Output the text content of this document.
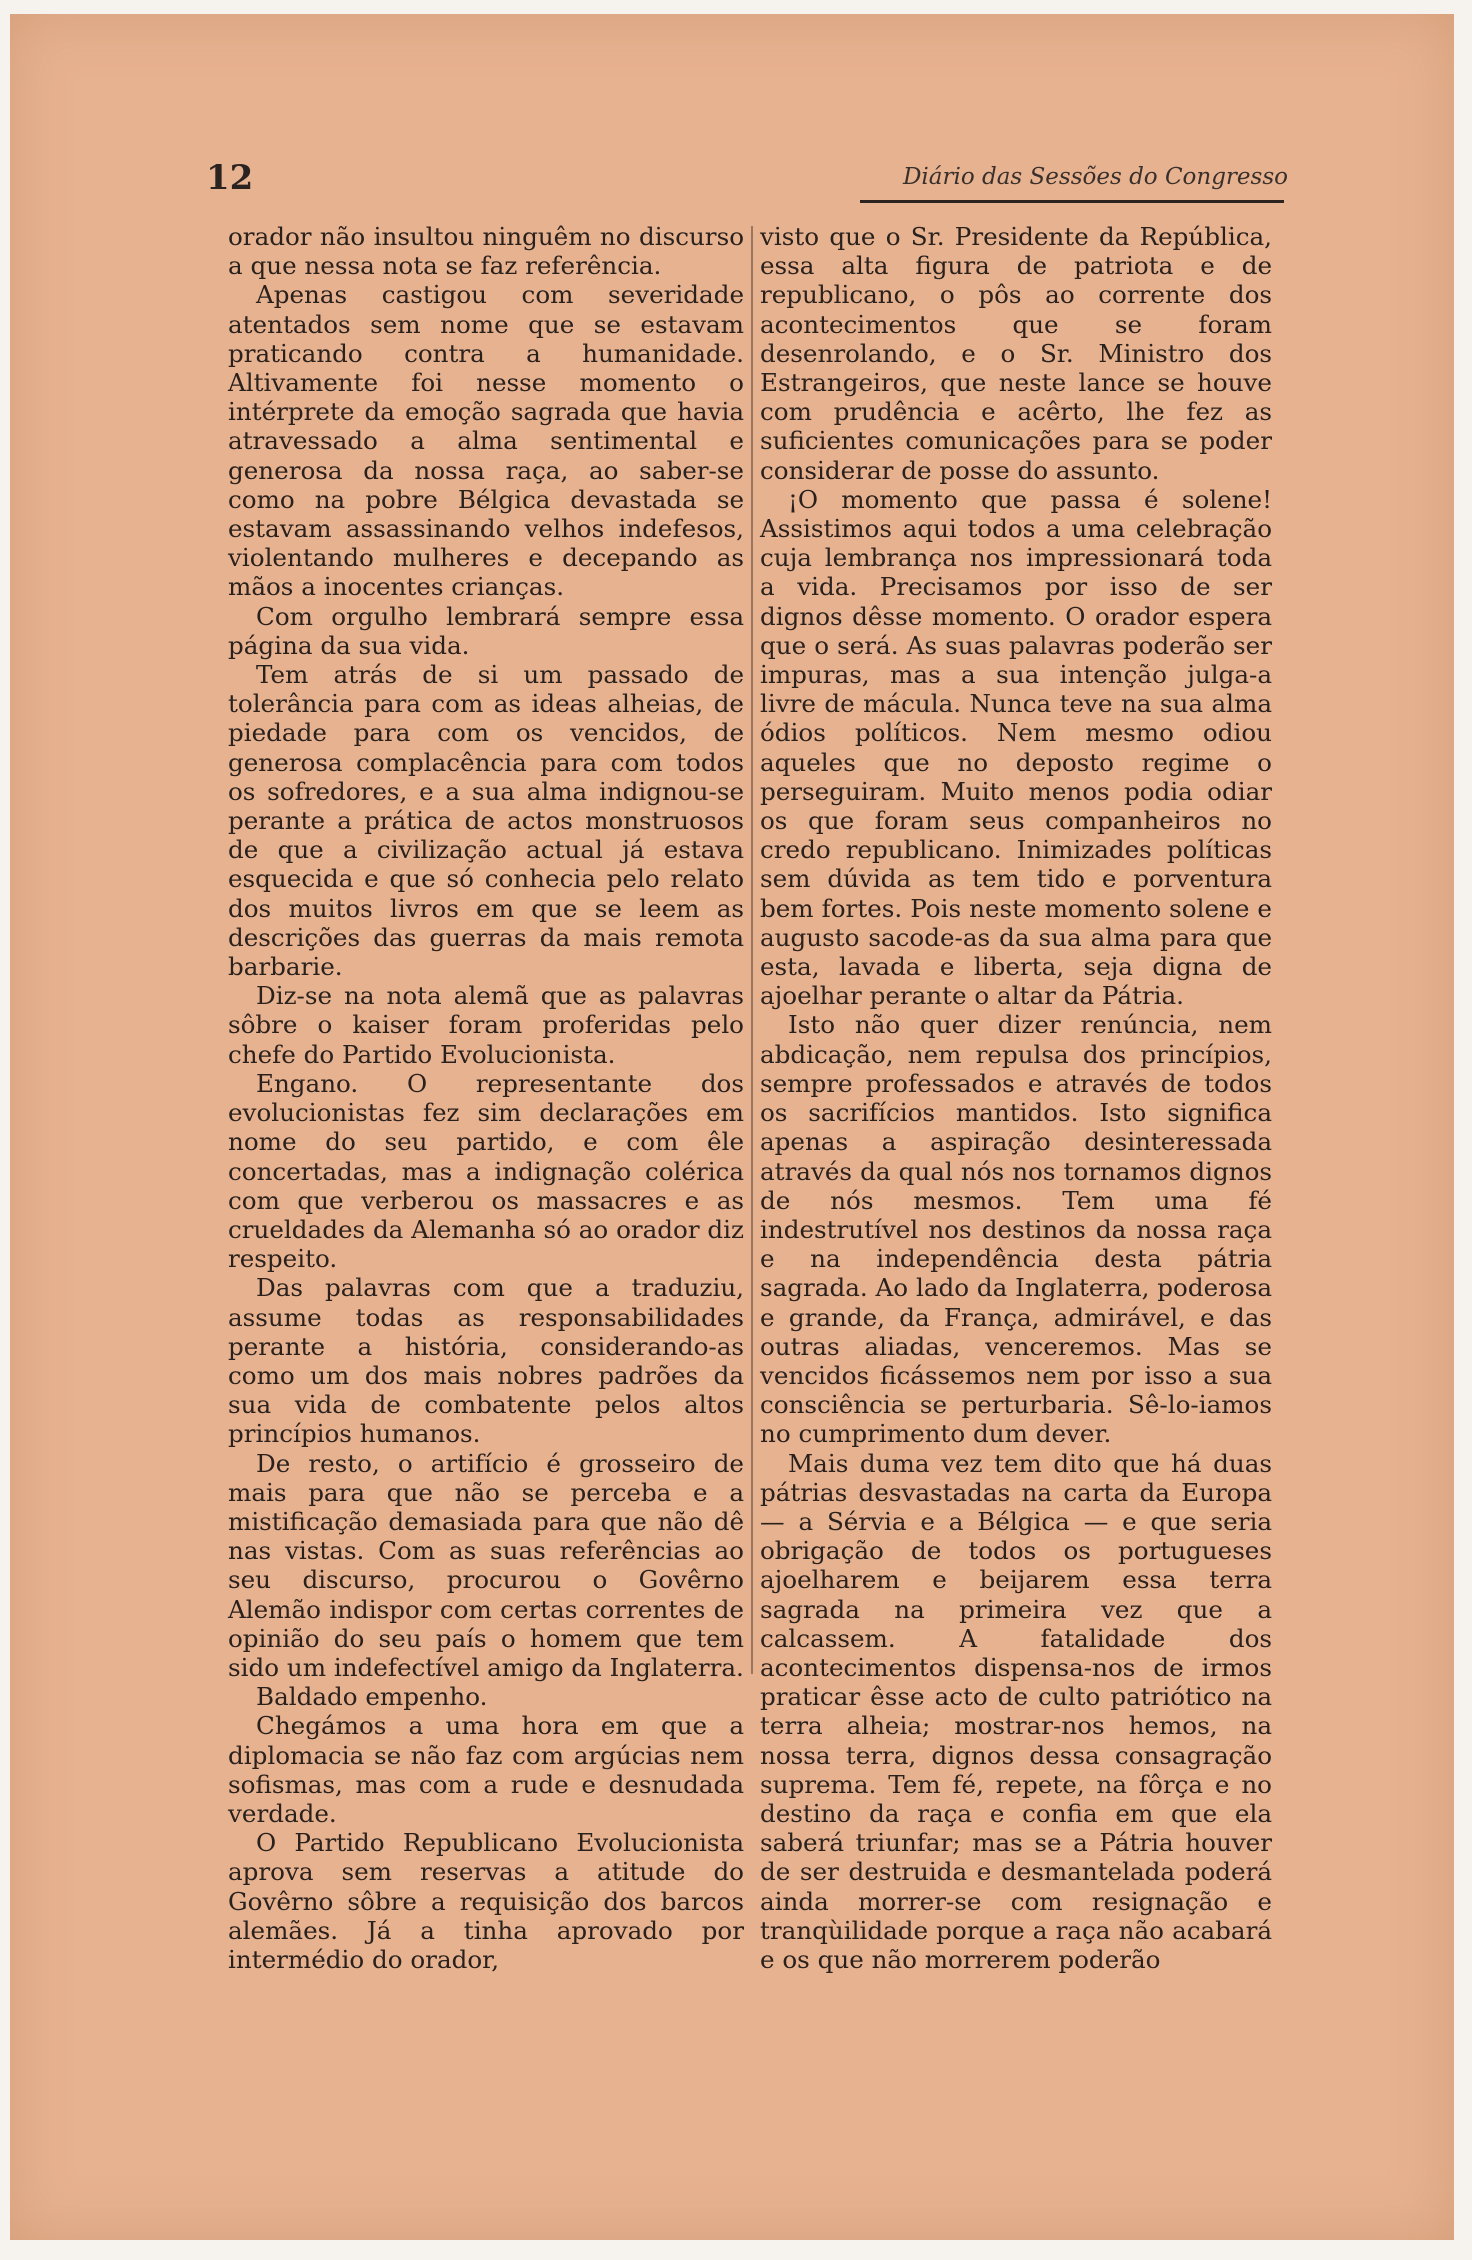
12	Diário das Sessões do Congresso

orador não insultou ninguêm no discurso a que nessa nota se faz referência.

Apenas castigou com severidade atentados sem nome que se estavam praticando contra a humanidade. Altivamente foi nesse momento o intérprete da emoção sagrada que havia atravessado a alma sentimental e generosa da nossa raça, ao saber-se como na pobre Bélgica devastada se estavam assassinando velhos indefesos, violentando mulheres e decepando as mãos a inocentes crianças.

Com orgulho lembrará sempre essa página da sua vida.

Tem atrás de si um passado de tolerância para com as ideas alheias, de piedade para com os vencidos, de generosa complacência para com todos os sofredores, e a sua alma indignou-se perante a prática de actos monstruosos de que a civilização actual já estava esquecida e que só conhecia pelo relato dos muitos livros em que se leem as descrições das guerras da mais remota barbarie.

Diz-se na nota alemã que as palavras sôbre o kaiser foram proferidas pelo chefe do Partido Evolucionista.

Engano. O representante dos evolucionistas fez sim declarações em nome do seu partido, e com êle concertadas, mas a indignação colérica com que verberou os massacres e as crueldades da Alemanha só ao orador diz respeito.

Das palavras com que a traduziu, assume todas as responsabilidades perante a história, considerando-as como um dos mais nobres padrões da sua vida de combatente pelos altos princípios humanos.

De resto, o artifício é grosseiro de mais para que não se perceba e a mistificação demasiada para que não dê nas vistas. Com as suas referências ao seu discurso, procurou o Govêrno Alemão indispor com certas correntes de opinião do seu país o homem que tem sido um indefectível amigo da Inglaterra.

Baldado empenho.

Chegámos a uma hora em que a diplomacia se não faz com argúcias nem sofismas, mas com a rude e desnudada verdade.

O Partido Republicano Evolucionista aprova sem reservas a atitude do Govêrno sôbre a requisição dos barcos alemães. Já a tinha aprovado por intermédio do orador,

visto que o Sr. Presidente da República, essa alta figura de patriota e de republicano, o pôs ao corrente dos acontecimentos que se foram desenrolando, e o Sr. Ministro dos Estrangeiros, que neste lance se houve com prudência e acêrto, lhe fez as suficientes comunicações para se poder considerar de posse do assunto.

¡O momento que passa é solene! Assistimos aqui todos a uma celebração cuja lembrança nos impressionará toda a vida. Precisamos por isso de ser dignos dêsse momento. O orador espera que o será. As suas palavras poderão ser impuras, mas a sua intenção julga-a livre de mácula. Nunca teve na sua alma ódios políticos. Nem mesmo odiou aqueles que no deposto regime o perseguiram. Muito menos podia odiar os que foram seus companheiros no credo republicano. Inimizades políticas sem dúvida as tem tido e porventura bem fortes. Pois neste momento solene e augusto sacode-as da sua alma para que esta, lavada e liberta, seja digna de ajoelhar perante o altar da Pátria.

Isto não quer dizer renúncia, nem abdicação, nem repulsa dos princípios, sempre professados e através de todos os sacrifícios mantidos. Isto significa apenas a aspiração desinteressada através da qual nós nos tornamos dignos de nós mesmos. Tem uma fé indestrutível nos destinos da nossa raça e na independência desta pátria sagrada. Ao lado da Inglaterra, poderosa e grande, da França, admirável, e das outras aliadas, venceremos. Mas se vencidos ficássemos nem por isso a sua consciência se perturbaria. Sê-lo-iamos no cumprimento dum dever.

Mais duma vez tem dito que há duas pátrias desvastadas na carta da Europa — a Sérvia e a Bélgica — e que seria obrigação de todos os portugueses ajoelharem e beijarem essa terra sagrada na primeira vez que a calcassem. A fatalidade dos acontecimentos dispensa-nos de irmos praticar êsse acto de culto patriótico na terra alheia; mostrar-nos hemos, na nossa terra, dignos dessa consagração suprema. Tem fé, repete, na fôrça e no destino da raça e confia em que ela saberá triunfar; mas se a Pátria houver de ser destruida e desmantelada poderá ainda morrer-se com resignação e tranqùilidade porque a raça não acabará e os que não morrerem poderão
